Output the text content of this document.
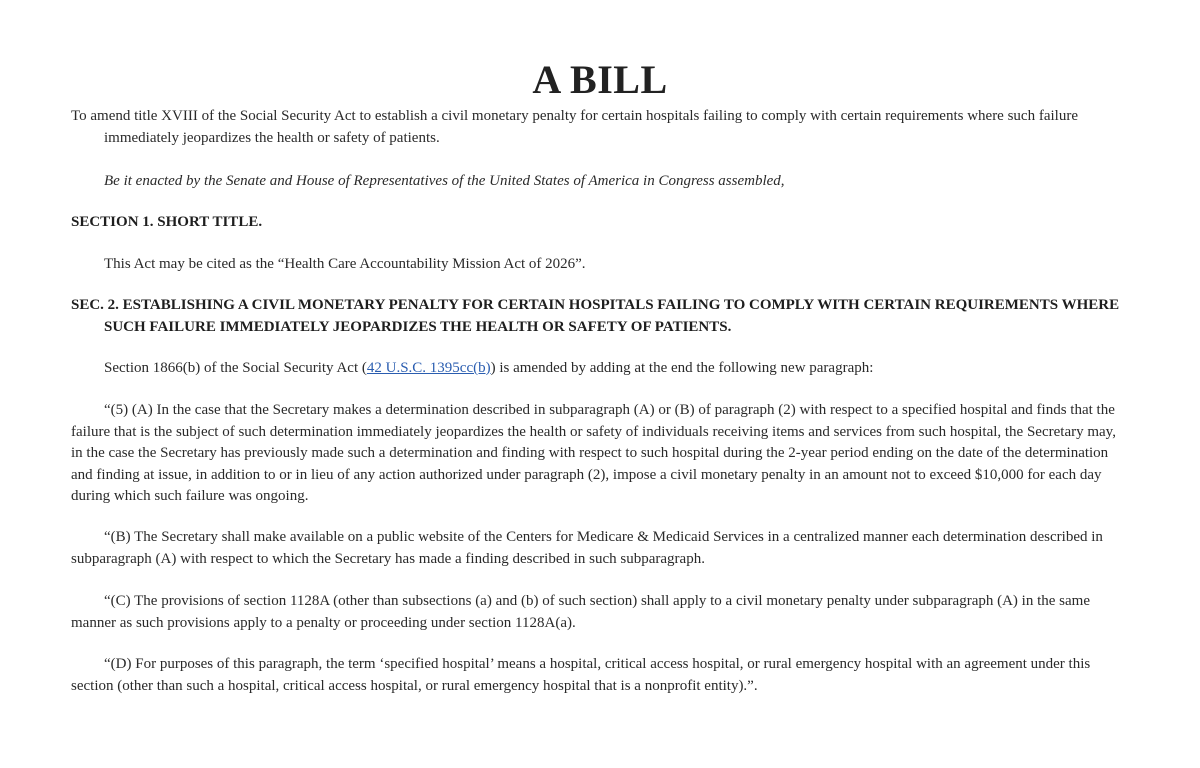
A BILL
To amend title XVIII of the Social Security Act to establish a civil monetary penalty for certain hospitals failing to comply with certain requirements where such failure immediately jeopardizes the health or safety of patients.
Be it enacted by the Senate and House of Representatives of the United States of America in Congress assembled,
SECTION 1. SHORT TITLE.
This Act may be cited as the “Health Care Accountability Mission Act of 2026”.
SEC. 2. ESTABLISHING A CIVIL MONETARY PENALTY FOR CERTAIN HOSPITALS FAILING TO COMPLY WITH CERTAIN REQUIREMENTS WHERE SUCH FAILURE IMMEDIATELY JEOPARDIZES THE HEALTH OR SAFETY OF PATIENTS.
Section 1866(b) of the Social Security Act (42 U.S.C. 1395cc(b)) is amended by adding at the end the following new paragraph:
“(5) (A) In the case that the Secretary makes a determination described in subparagraph (A) or (B) of paragraph (2) with respect to a specified hospital and finds that the failure that is the subject of such determination immediately jeopardizes the health or safety of individuals receiving items and services from such hospital, the Secretary may, in the case the Secretary has previously made such a determination and finding with respect to such hospital during the 2-year period ending on the date of the determination and finding at issue, in addition to or in lieu of any action authorized under paragraph (2), impose a civil monetary penalty in an amount not to exceed $10,000 for each day during which such failure was ongoing.
“(B) The Secretary shall make available on a public website of the Centers for Medicare & Medicaid Services in a centralized manner each determination described in subparagraph (A) with respect to which the Secretary has made a finding described in such subparagraph.
“(C) The provisions of section 1128A (other than subsections (a) and (b) of such section) shall apply to a civil monetary penalty under subparagraph (A) in the same manner as such provisions apply to a penalty or proceeding under section 1128A(a).
“(D) For purposes of this paragraph, the term ‘specified hospital’ means a hospital, critical access hospital, or rural emergency hospital with an agreement under this section (other than such a hospital, critical access hospital, or rural emergency hospital that is a nonprofit entity).”.
